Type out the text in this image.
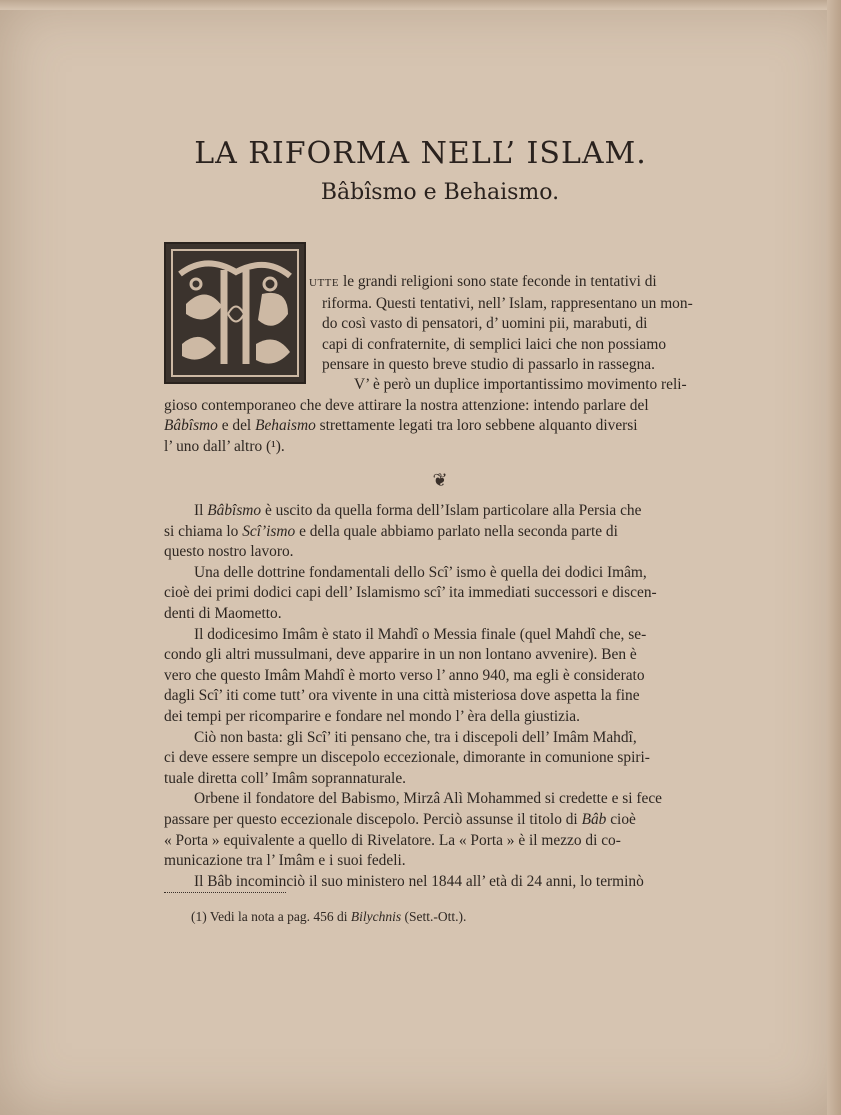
LA RIFORMA NELL’ ISLAM.
Bâbîsmo e Behaismo.
UTTE le grandi religioni sono state feconde in tentativi di
riforma. Questi tentativi, nell’ Islam, rappresentano un mon-
do così vasto di pensatori, d’ uomini pii, marabuti, di
capi di confraternite, di semplici laici che non possiamo
pensare in questo breve studio di passarlo in rassegna.
V’ è però un duplice importantissimo movimento reli-
gioso contemporaneo che deve attirare la nostra attenzione: intendo parlare del
Bâbîsmo e del Behaismo strettamente legati tra loro sebbene alquanto diversi
l’ uno dall’ altro (¹).
❦
Il Bâbîsmo è uscito da quella forma dell’Islam particolare alla Persia che
si chiama lo Scî’ismo e della quale abbiamo parlato nella seconda parte di
questo nostro lavoro.
Una delle dottrine fondamentali dello Scî’ ismo è quella dei dodici Imâm,
cioè dei primi dodici capi dell’ Islamismo scî’ ita immediati successori e discen-
denti di Maometto.
Il dodicesimo Imâm è stato il Mahdî o Messia finale (quel Mahdî che, se-
condo gli altri mussulmani, deve apparire in un non lontano avvenire). Ben è
vero che questo Imâm Mahdî è morto verso l’ anno 940, ma egli è considerato
dagli Scî’ iti come tutt’ ora vivente in una città misteriosa dove aspetta la fine
dei tempi per ricomparire e fondare nel mondo l’ èra della giustizia.
Ciò non basta: gli Scî’ iti pensano che, tra i discepoli dell’ Imâm Mahdî,
ci deve essere sempre un discepolo eccezionale, dimorante in comunione spiri-
tuale diretta coll’ Imâm soprannaturale.
Orbene il fondatore del Babismo, Mirzâ Alì Mohammed si credette e si fece
passare per questo eccezionale discepolo. Perciò assunse il titolo di Bâb cioè
« Porta » equivalente a quello di Rivelatore. La « Porta » è il mezzo di co-
municazione tra l’ Imâm e i suoi fedeli.
Il Bâb incominciò il suo ministero nel 1844 all’ età di 24 anni, lo terminò
(1) Vedi la nota a pag. 456 di Bilychnis (Sett.-Ott.).
